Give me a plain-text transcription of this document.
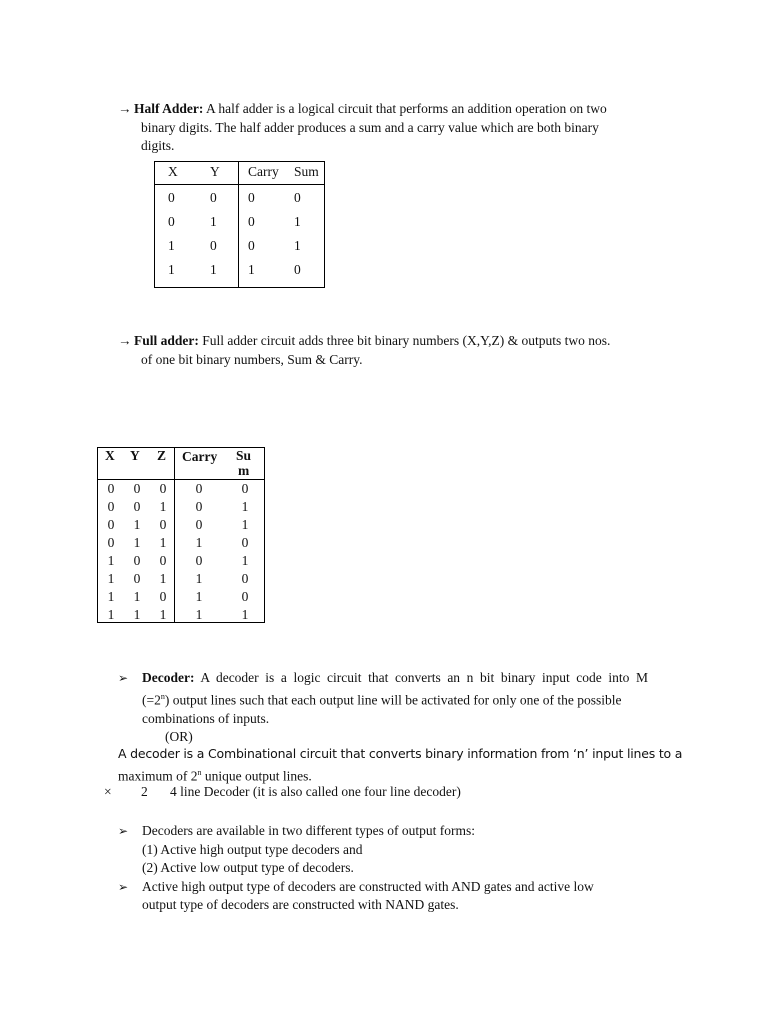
→ Half Adder: A half adder is a logical circuit that performs an addition operation on two
binary digits. The half adder produces a sum and a carry value which are both binary
digits.
X Y Carry Sum
0	0 0	0
0	1 0	1
1	0 0	1
1	1 1	0
→ Full adder: Full adder circuit adds three bit binary numbers (X,Y,Z) & outputs two nos.
of one bit binary numbers, Sum & Carry.
X Y Z Carry Su
m
0 0 0 0	0
0 0 1 0	1
0 1 0 0	1
0 1 1 1	0
1 0 0 0	1
1 0 1 1	0
1 1 0 1	0
1 1 1 1	1
➢ Decoder: A decoder is a logic circuit that converts an n bit binary input code into M
$(=2^n)$ output lines such that each output line will be activated for only one of the possible
combinations of inputs.
(OR)
A decoder is a Combinational circuit that converts binary information from ‘n’ input lines to a
maximum of 2$^n$ unique output lines.
× 2 4 line Decoder (it is also called one four line decoder)
➢ Decoders are available in two different types of output forms:
(1) Active high output type decoders and
(2) Active low output type of decoders.
➢ Active high output type of decoders are constructed with AND gates and active low
output type of decoders are constructed with NAND gates.
